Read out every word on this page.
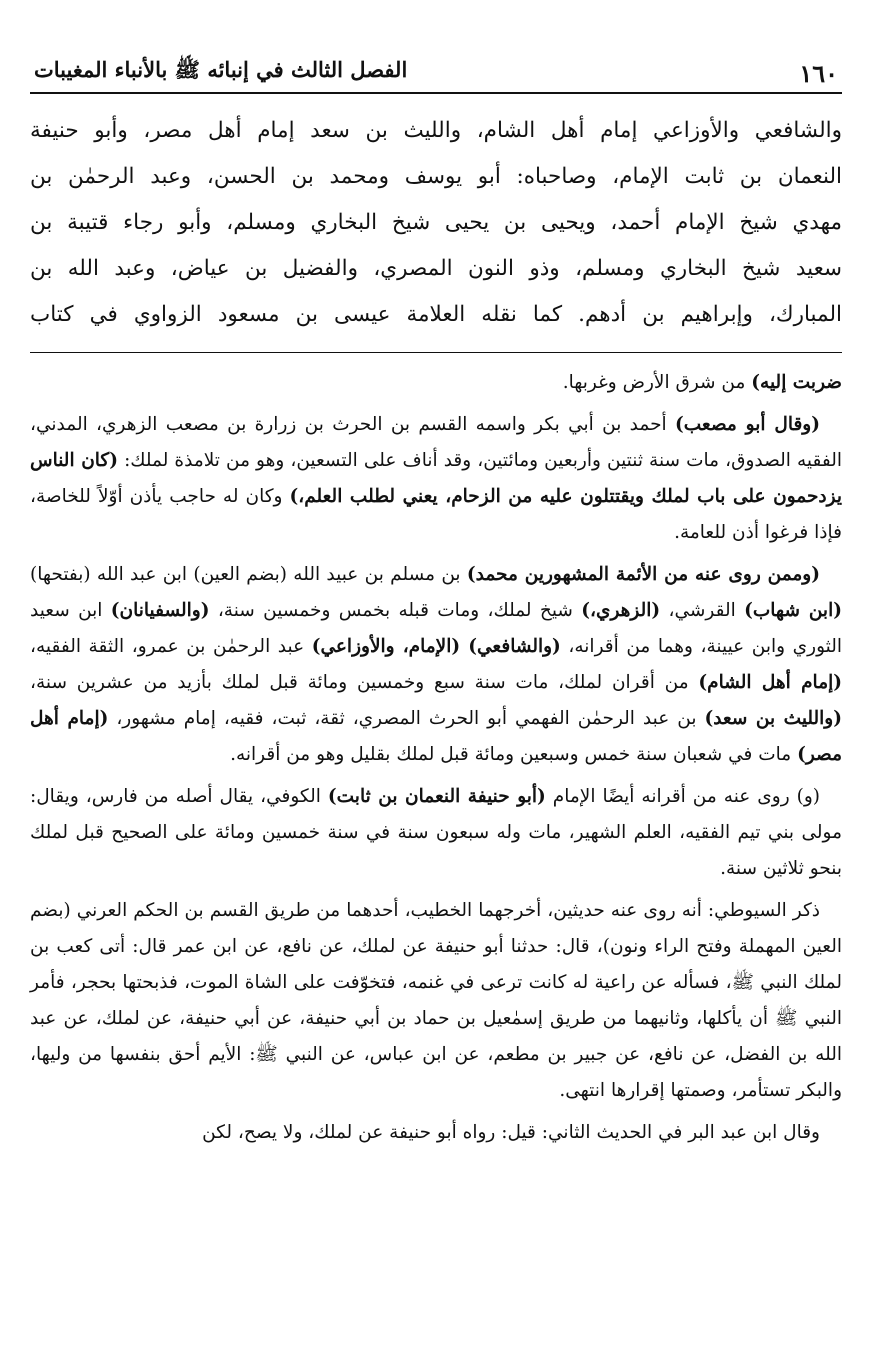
١٦٠
الفصل الثالث في إنبائه ﷺ بالأنباء المغيبات
والشافعي والأوزاعي إمام أهل الشام، والليث بن سعد إمام أهل مصر، وأبو حنيفة
النعمان بن ثابت الإمام، وصاحباه: أبو يوسف ومحمد بن الحسن، وعبد الرحمٰن بن
مهدي شيخ الإمام أحمد، ويحيى بن يحيى شيخ البخاري ومسلم، وأبو رجاء قتيبة بن
سعيد شيخ البخاري ومسلم، وذو النون المصري، والفضيل بن عياض، وعبد الله بن
المبارك، وإبراهيم بن أدهم. كما نقله العلامة عيسى بن مسعود الزواوي في كتاب

ضربت إليه) من شرق الأرض وغربها.

(وقال أبو مصعب) أحمد بن أبي بكر واسمه القسم بن الحرث بن زرارة بن مصعب الزهري، المدني، الفقيه الصدوق، مات سنة ثنتين وأربعين ومائتين، وقد أناف على التسعين، وهو من تلامذة لملك: (كان الناس يزدحمون على باب لملك ويقتتلون عليه من الزحام، يعني لطلب العلم،) وكان له حاجب يأذن أوّلاً للخاصة، فإذا فرغوا أذن للعامة.

(وممن روى عنه من الأئمة المشهورين محمد) بن مسلم بن عبيد الله (بضم العين) ابن عبد الله (بفتحها) (ابن شهاب) القرشي، (الزهري،) شيخ لملك، ومات قبله بخمس وخمسين سنة، (والسفيانان) ابن سعيد الثوري وابن عيينة، وهما من أقرانه، (والشافعي) (الإمام، والأوزاعي) عبد الرحمٰن بن عمرو، الثقة الفقيه، (إمام أهل الشام) من أقران لملك، مات سنة سبع وخمسين ومائة قبل لملك بأزيد من عشرين سنة، (والليث بن سعد) بن عبد الرحمٰن الفهمي أبو الحرث المصري، ثقة، ثبت، فقيه، إمام مشهور، (إمام أهل مصر) مات في شعبان سنة خمس وسبعين ومائة قبل لملك بقليل وهو من أقرانه.

(و) روى عنه من أقرانه أيضًا الإمام (أبو حنيفة النعمان بن ثابت) الكوفي، يقال أصله من فارس، ويقال: مولى بني تيم الفقيه، العلم الشهير، مات وله سبعون سنة في سنة خمسين ومائة على الصحيح قبل لملك بنحو ثلاثين سنة.

ذكر السيوطي: أنه روى عنه حديثين، أخرجهما الخطيب، أحدهما من طريق القسم بن الحكم العرني (بضم العين المهملة وفتح الراء ونون)، قال: حدثنا أبو حنيفة عن لملك، عن نافع، عن ابن عمر قال: أتى كعب بن لملك النبي ﷺ، فسأله عن راعية له كانت ترعى في غنمه، فتخوّفت على الشاة الموت، فذبحتها بحجر، فأمر النبي ﷺ أن يأكلها، وثانيهما من طريق إسمٰعيل بن حماد بن أبي حنيفة، عن أبي حنيفة، عن لملك، عن عبد الله بن الفضل، عن نافع، عن جبير بن مطعم، عن ابن عباس، عن النبي ﷺ: الأيم أحق بنفسها من وليها، والبكر تستأمر، وصمتها إقرارها انتهى.

وقال ابن عبد البر في الحديث الثاني: قيل: رواه أبو حنيفة عن لملك، ولا يصح، لكن
